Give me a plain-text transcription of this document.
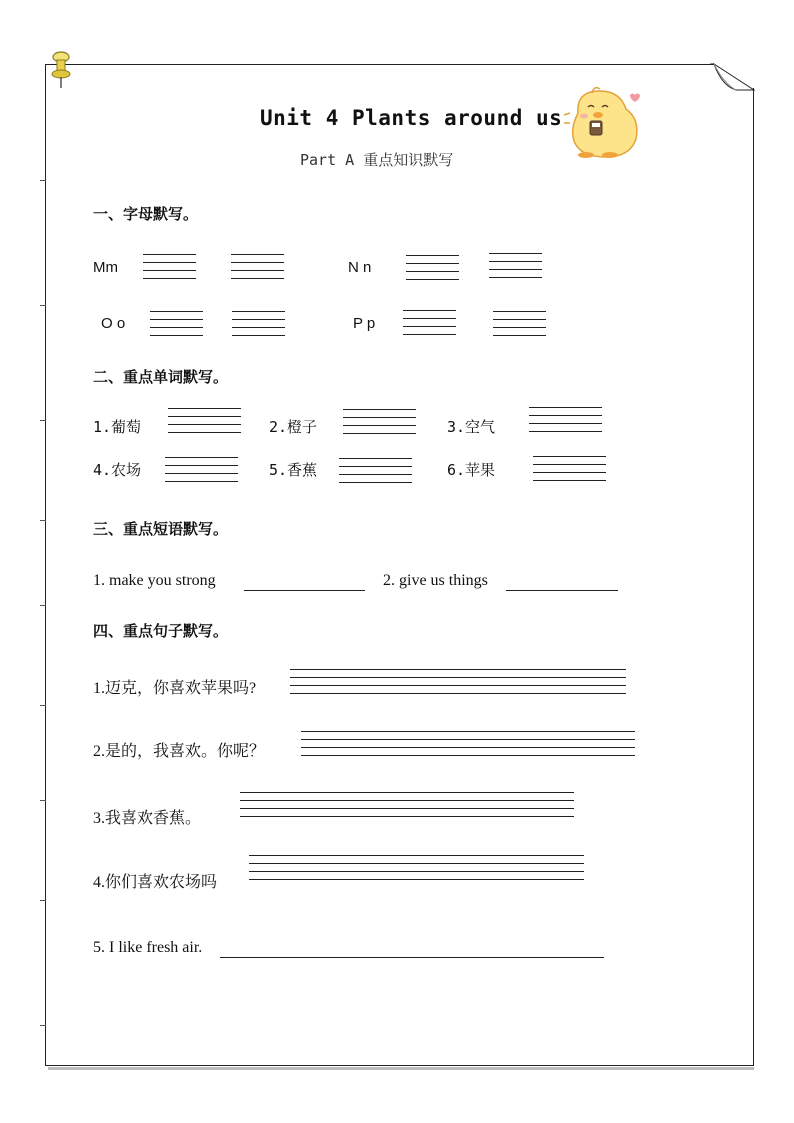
Unit 4 Plants around us
Part A 重点知识默写
一、字母默写。
Mm	N n
O o	P p
二、重点单词默写。
1.葡萄	2.橙子	3.空气
4.农场	5.香蕉	6.苹果
三、重点短语默写。
1. make you strong	2. give us things
四、重点句子默写。
1.迈克，你喜欢苹果吗?
2.是的，我喜欢。你呢？
3.我喜欢香蕉。
4.你们喜欢农场吗
5. I like fresh air.
